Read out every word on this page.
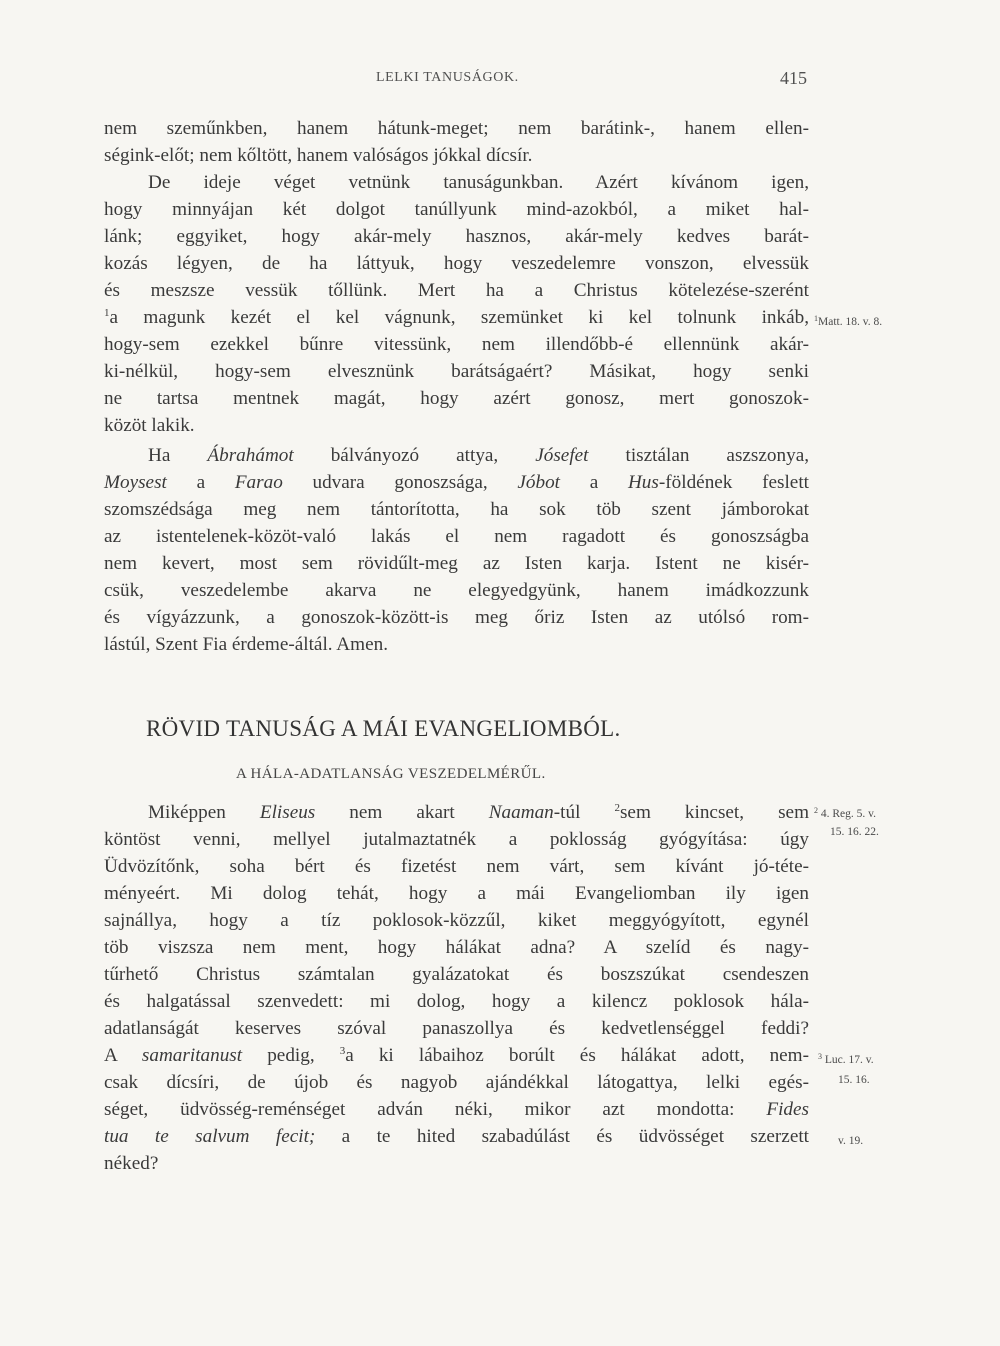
LELKI TANUSÁGOK.	415
nem szeműnkben, hanem hátunk-meget; nem barátink-, hanem ellen-
ségink-előt; nem kőltött, hanem valóságos jókkal dícsír.
De ideje véget vetnünk tanuságunkban. Azért kívánom igen,
hogy minnyájan két dolgot tanúllyunk mind-azokból, a miket hal-
lánk; eggyiket, hogy akár-mely hasznos, akár-mely kedves barát-
kozás légyen, de ha láttyuk, hogy veszedelemre vonszon, elvessük
és meszsze vessük tőllünk. Mert ha a Christus kötelezése-szerént
$^1$a magunk kezét el kel vágnunk, szemünket ki kel tolnunk inkáb,
hogy-sem ezekkel bűnre vitessünk, nem illendőbb-é ellennünk akár-
ki-nélkül, hogy-sem elvesznünk barátságaért? Másikat, hogy senki
ne tartsa mentnek magát, hogy azért gonosz, mert gonoszok-
közöt lakik.
Ha Ábrahámot bálványozó attya, Jósefet tisztálan aszszonya,
Moysest a Farao udvara gonoszsága, Jóbot a Hus-földének feslett
szomszédsága meg nem tántorította, ha sok töb szent jámborokat
az istentelenek-közöt-való lakás el nem ragadott és gonoszságba
nem kevert, most sem rövidűlt-meg az Isten karja. Istent ne kisér-
csük, veszedelembe akarva ne elegyedgyünk, hanem imádkozzunk
és vígyázzunk, a gonoszok-között-is meg őriz Isten az utólsó rom-
lástúl, Szent Fia érdeme-áltál. Amen.
RÖVID TANUSÁG A MÁI EVANGELIOMBÓL.
A HÁLA-ADATLANSÁG VESZEDELMÉRŰL.
Miképpen Eliseus nem akart Naaman-túl $^2$sem kincset, sem
köntöst venni, mellyel jutalmaztatnék a poklosság gyógyítása: úgy
Üdvözítőnk, soha bért és fizetést nem várt, sem kívánt jó-téte-
ményeért. Mi dolog tehát, hogy a mái Evangeliomban ily igen
sajnállya, hogy a tíz poklosok-közzűl, kiket meggyógyított, egynél
töb viszsza nem ment, hogy hálákat adna? A szelíd és nagy-
tűrhető Christus számtalan gyalázatokat és boszszúkat csendeszen
és halgatással szenvedett: mi dolog, hogy a kilencz poklosok hála-
adatlanságát keserves szóval panaszollya és kedvetlenséggel feddi?
A samaritanust pedig, $^3$a ki lábaihoz borúlt és hálákat adott, nem-
csak dícsíri, de újob és nagyob ajándékkal látogattya, lelki egés-
séget, üdvösség-reménséget adván néki, mikor azt mondotta: Fides
tua te salvum fecit; a te hited szabadúlást és üdvösséget szerzett
néked?
$^1$Matt. 18. v. 8.
$^2$ 4. Reg. 5. v.
15. 16. 22.
$^3$ Luc. 17. v.
15. 16.
v. 19.
